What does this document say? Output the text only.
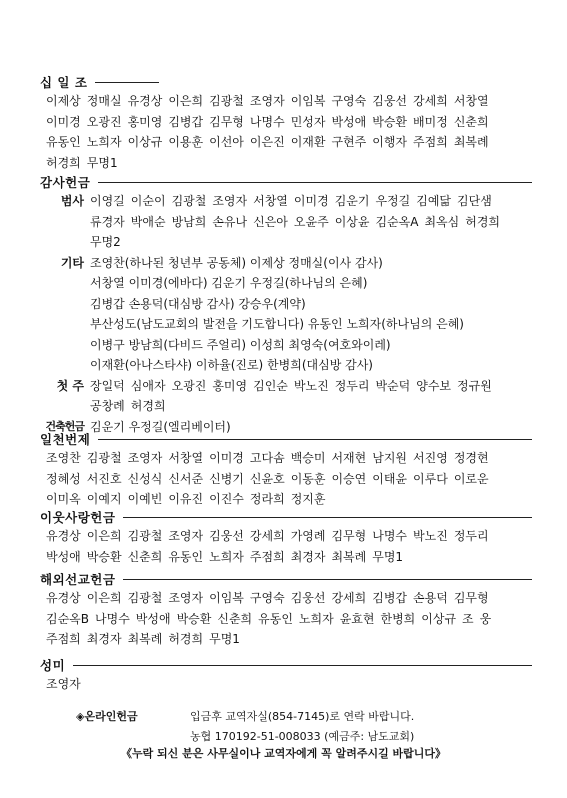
십 일 조
이제상 정매실 유경상 이은희 김광철 조영자 이임복 구영숙 김웅선 강세희 서창열이미경 오광진 홍미영 김병갑 김무형 나명수 민성자 박성애 박승환 배미정 신춘희유동인 노희자 이상규 이용훈 이선아 이은진 이재환 구현주 이행자 주점희 최복례허경희 무명1
감사헌금
범사 이영길 이순이 김광철 조영자 서창열 이미경 김운기 우정길 김예닮 김단샘류경자 박애순 방남희 손유나 신은아 오윤주 이상윤 김순옥A 최옥심 허경희무명2
기타 조영찬(하나된 청년부 공동체) 이제상 정매실(이사 감사)
서창열 이미경(에바다) 김운기 우정길(하나님의 은혜)
김병갑 손용덕(대심방 감사) 강승우(계약)
부산성도(남도교회의 발전을 기도합니다) 유동인 노희자(하나님의 은혜)
이병구 방남희(다비드 주얼리) 이성희 최영숙(여호와이레)
이재환(아나스타샤) 이하율(진로) 한병희(대심방 감사)
첫 주 장일덕 심애자 오광진 홍미영 김인순 박노진 정두리 박순덕 양수보 정규원공창례 허경희
건축헌금 김운기 우정길(엘리베이터)
일천번제
조영찬 김광철 조영자 서창열 이미경 고다솜 백승미 서재현 남지원 서진영 정경현정혜성 서진호 신성식 신서준 신병기 신윤호 이동훈 이승연 이태윤 이루다 이로운이미옥 이예지 이예빈 이유진 이진수 정라희 정지훈
이웃사랑헌금
유경상 이은희 김광철 조영자 김웅선 강세희 가영례 김무형 나명수 박노진 정두리박성애 박승환 신춘희 유동인 노희자 주점희 최경자 최복례 무명1
해외선교헌금
유경상 이은희 김광철 조영자 이임복 구영숙 김웅선 강세희 김병갑 손용덕 김무형김순옥B 나명수 박성애 박승환 신춘희 유동인 노희자 윤효현 한병희 이상규 조 웅주점희 최경자 최복례 허경희 무명1
성미
조영자
◈온라인헌금	입금후 교역자실(854-7145)로 연락 바랍니다.
농협 170192-51-008033 (예금주: 남도교회)
《누락 되신 분은 사무실이나 교역자에게 꼭 알려주시길 바랍니다》
